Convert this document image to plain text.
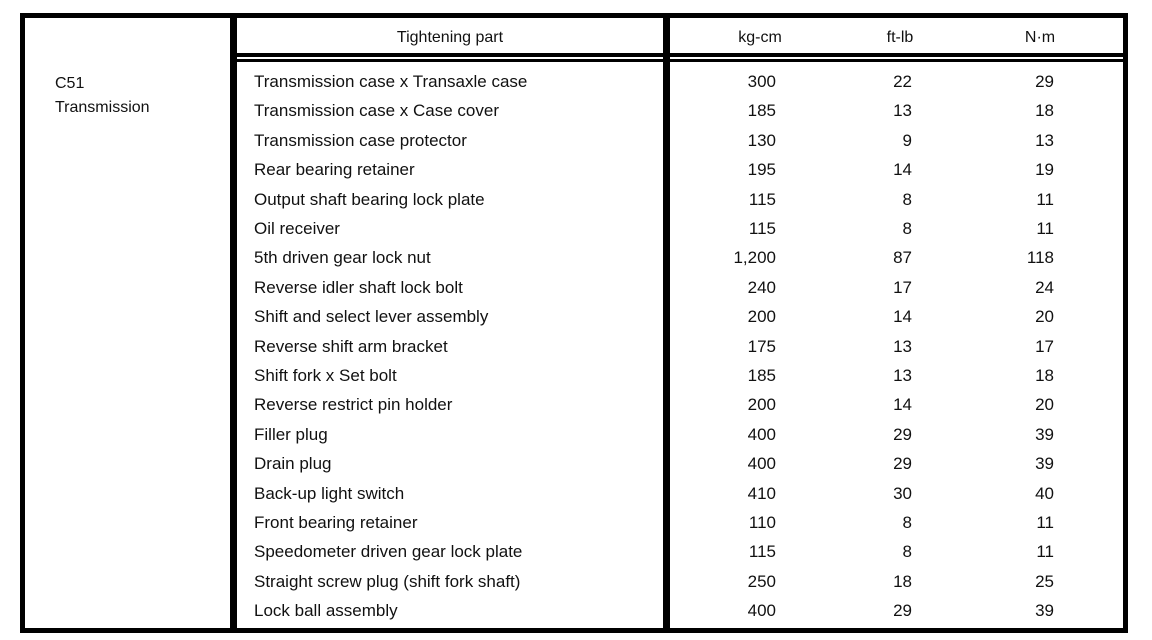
Tightening part	kg-cm	ft-lb	N·m
C51
Transmission
Transmission case x Transaxle case	300	22	29
Transmission case x Case cover	185	13	18
Transmission case protector	130	9	13
Rear bearing retainer	195	14	19
Output shaft bearing lock plate	115	8	11
Oil receiver	115	8	11
5th driven gear lock nut	1,200	87	118
Reverse idler shaft lock bolt	240	17	24
Shift and select lever assembly	200	14	20
Reverse shift arm bracket	175	13	17
Shift fork x Set bolt	185	13	18
Reverse restrict pin holder	200	14	20
Filler plug	400	29	39
Drain plug	400	29	39
Back-up light switch	410	30	40
Front bearing retainer	110	8	11
Speedometer driven gear lock plate	115	8	11
Straight screw plug (shift fork shaft)	250	18	25
Lock ball assembly	400	29	39
